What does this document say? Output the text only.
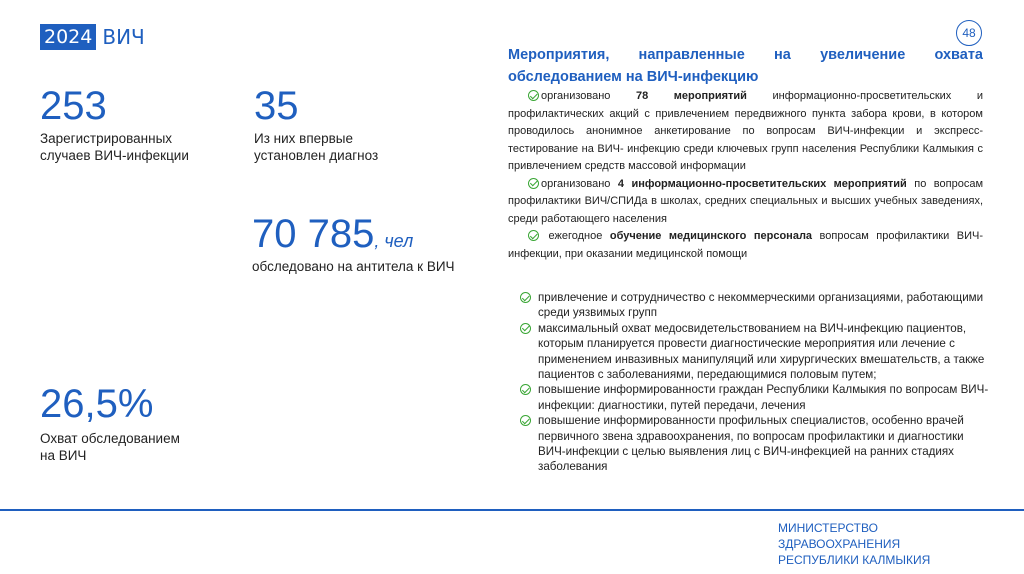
2024 ВИЧ	48
253
Зарегистрированных
случаев ВИЧ-инфекции
35
Из них впервые
установлен диагноз
70 785, чел
обследовано на антитела к ВИЧ
26,5%
Охват обследованием
на ВИЧ
Мероприятия, направленные на увеличение охвата обследованием на ВИЧ-инфекцию

организовано 78 мероприятий информационно-просветительских и профилактических акций с привлечением передвижного пункта забора крови, в котором проводилось анонимное анкетирование по вопросам ВИЧ-инфекции и экспресс-тестирование на ВИЧ- инфекцию среди ключевых групп населения Республики Калмыкия с привлечением средств массовой информации

организовано 4 информационно-просветительских мероприятий по вопросам профилактики ВИЧ/СПИДа в школах, средних специальных и высших учебных заведениях, среди работающего населения

ежегодное обучение медицинского персонала вопросам профилактики ВИЧ-инфекции, при оказании медицинской помощи

привлечение и сотрудничество с некоммерческими организациями, работающими среди уязвимых групп
максимальный охват медосвидетельствованием на ВИЧ-инфекцию пациентов, которым планируется провести диагностические мероприятия или лечение с применением инвазивных манипуляций или хирургических вмешательств, а также пациентов с заболеваниями, передающимися половым путем;
повышение информированности граждан Республики Калмыкия по вопросам ВИЧ-инфекции: диагностики, путей передачи, лечения
повышение информированности профильных специалистов, особенно врачей первичного звена здравоохранения, по вопросам профилактики и диагностики ВИЧ-инфекции с целью выявления лиц с ВИЧ-инфекцией на ранних стадиях заболевания
МИНИСТЕРСТВО
ЗДРАВООХРАНЕНИЯ
РЕСПУБЛИКИ КАЛМЫКИЯ
